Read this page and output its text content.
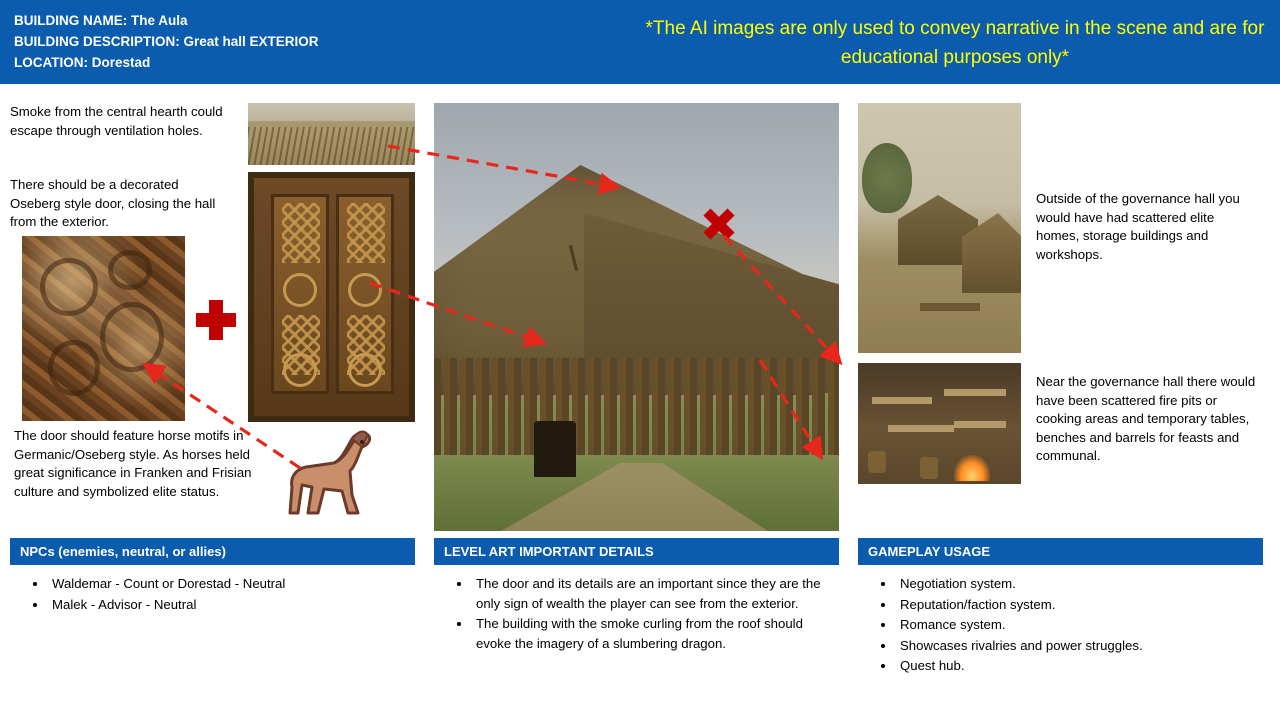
BUILDING NAME: The Aula
BUILDING DESCRIPTION: Great hall EXTERIOR
LOCATION: Dorestad
*The AI images are only used to convey narrative in the scene and are for educational purposes only*
Smoke from the central hearth could escape through ventilation holes.
There should be a decorated Oseberg style door, closing the hall from the exterior.
The door should feature horse motifs in Germanic/Oseberg style. As horses held great significance in Franken and Frisian culture and symbolized elite status.
Outside of the governance hall you would have had scattered elite homes, storage buildings and workshops.
Near the governance hall there would have been scattered fire pits or cooking areas and temporary tables, benches and barrels for feasts and communal.
NPCs (enemies, neutral, or allies)
• Waldemar - Count or Dorestad - Neutral
• Malek - Advisor - Neutral
LEVEL ART IMPORTANT DETAILS
• The door and its details are an important since they are the only sign of wealth the player can see from the exterior.
• The building with the smoke curling from the roof should evoke the imagery of a slumbering dragon.
GAMEPLAY USAGE
• Negotiation system.
• Reputation/faction system.
• Romance system.
• Showcases rivalries and power struggles.
• Quest hub.
